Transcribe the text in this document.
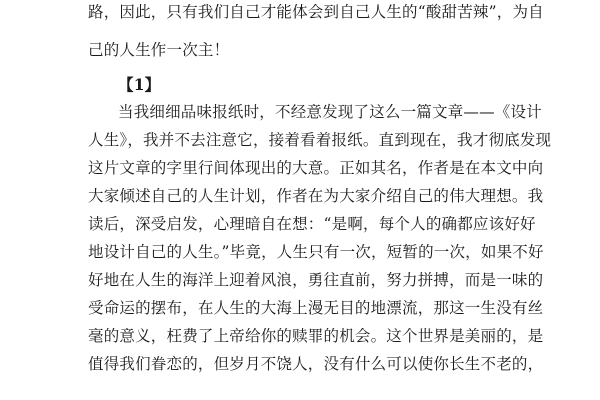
路，因此，只有我们自己才能体会到自己人生的“酸甜苦辣”，为自
己的人生作一次主！
【1】
当我细细品味报纸时，不经意发现了这么一篇文章——《设计
人生》，我并不去注意它，接着看着报纸。直到现在，我才彻底发现
这片文章的字里行间体现出的大意。正如其名，作者是在本文中向
大家倾述自己的人生计划，作者在为大家介绍自己的伟大理想。我
读后，深受启发，心理暗自在想：“是啊，每个人的确都应该好好
地设计自己的人生。”毕竟，人生只有一次，短暂的一次，如果不好
好地在人生的海洋上迎着风浪，勇往直前，努力拼搏，而是一味的
受命运的摆布，在人生的大海上漫无目的地漂流，那这一生没有丝
毫的意义，枉费了上帝给你的赎罪的机会。这个世界是美丽的，是
值得我们眷恋的，但岁月不饶人，没有什么可以使你长生不老的，
